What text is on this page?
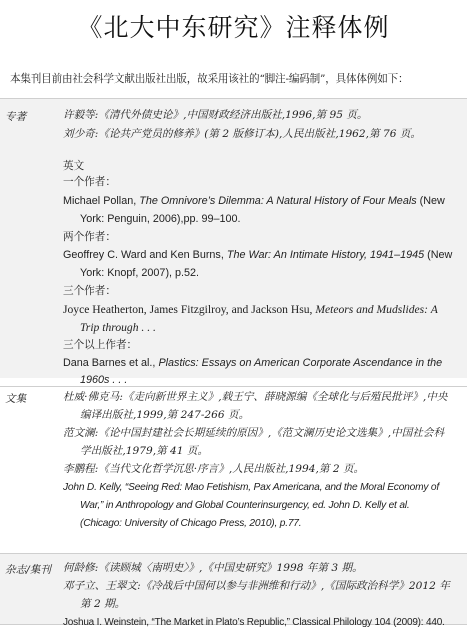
《北大中东研究》注释体例
本集刊目前由社会科学文献出版社出版，故采用该社的“脚注-编码制”，具体体例如下：
专著	许毅等:《清代外债史论》,中国财政经济出版社,1996,第 95 页。
刘少奇:《论共产党员的修养》(第 2 版修订本),人民出版社,1962,第 76 页。
英文
一个作者：
Michael Pollan, The Omnivore’s Dilemma: A Natural History of Four Meals (New
York: Penguin, 2006),pp. 99–100.
两个作者：
Geoffrey C. Ward and Ken Burns, The War: An Intimate History, 1941–1945 (New
York: Knopf, 2007), p.52.
三个作者：
Joyce Heatherton, James Fitzgilroy, and Jackson Hsu, Meteors and Mudslides: A
Trip through . . .
三个以上作者：
Dana Barnes et al., Plastics: Essays on American Corporate Ascendance in the
1960s . . .
文集	杜威·佛克马:《走向新世界主义》,载王宁、薛晓源编《全球化与后殖民批评》,中央
编译出版社,1999,第 247-266 页。
范文澜:《论中国封建社会长期延续的原因》,《范文澜历史论文选集》,中国社会科
学出版社,1979,第 41 页。
李鹏程:《当代文化哲学沉思·序言》,人民出版社,1994,第 2 页。
John D. Kelly, “Seeing Red: Mao Fetishism, Pax Americana, and the Moral Economy of
War,” in Anthropology and Global Counterinsurgency, ed. John D. Kelly et al.
(Chicago: University of Chicago Press, 2010), p.77.
杂志/集刊 何龄修:《读顾城〈南明史〉》,《中国史研究》1998 年第 3 期。
邓子立、王翠文:《冷战后中国何以参与非洲维和行动》,《国际政治科学》2012 年
第 2 期。
Joshua I. Weinstein, “The Market in Plato’s Republic,” Classical Philology 104 (2009): 440.
